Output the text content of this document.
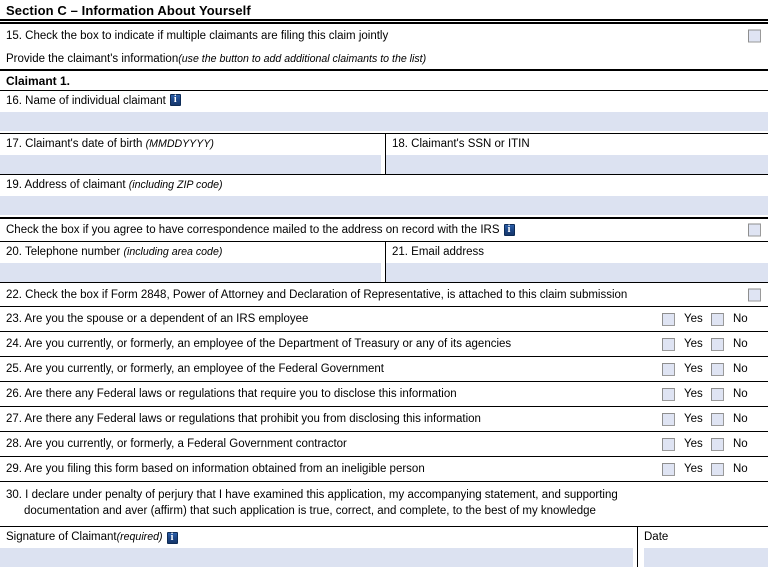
Section C – Information About Yourself
15. Check the box to indicate if multiple claimants are filing this claim jointly
Provide the claimant's information (use the button to add additional claimants to the list)
Claimant 1.
16. Name of individual claimanti
17. Claimant's date of birth (MMDDYYYY)	18. Claimant's SSN or ITIN
19. Address of claimant (including ZIP code)
Check the box if you agree to have correspondence mailed to the address on record with the IRS
i
20. Telephone number (including area code)	21. Email address
22. Check the box if Form 2848, Power of Attorney and Declaration of Representative, is attached to this claim submission
23. Are you the spouse or a dependent of an IRS employee	Yes	No
24. Are you currently, or formerly, an employee of the Department of Treasury or any of its agencies	Yes	No
25. Are you currently, or formerly, an employee of the Federal Government	Yes	No
26. Are there any Federal laws or regulations that require you to disclose this information	Yes	No
27. Are there any Federal laws or regulations that prohibit you from disclosing this information	Yes	No
28. Are you currently, or formerly, a Federal Government contractor	Yes	No
29. Are you filing this form based on information obtained from an ineligible person	Yes	No
30. I declare under penalty of perjury that I have examined this application, my accompanying statement, and supporting
documentation and aver (affirm) that such application is true, correct, and complete, to the best of my knowledge
Signature of Claimant (required) i	Date
